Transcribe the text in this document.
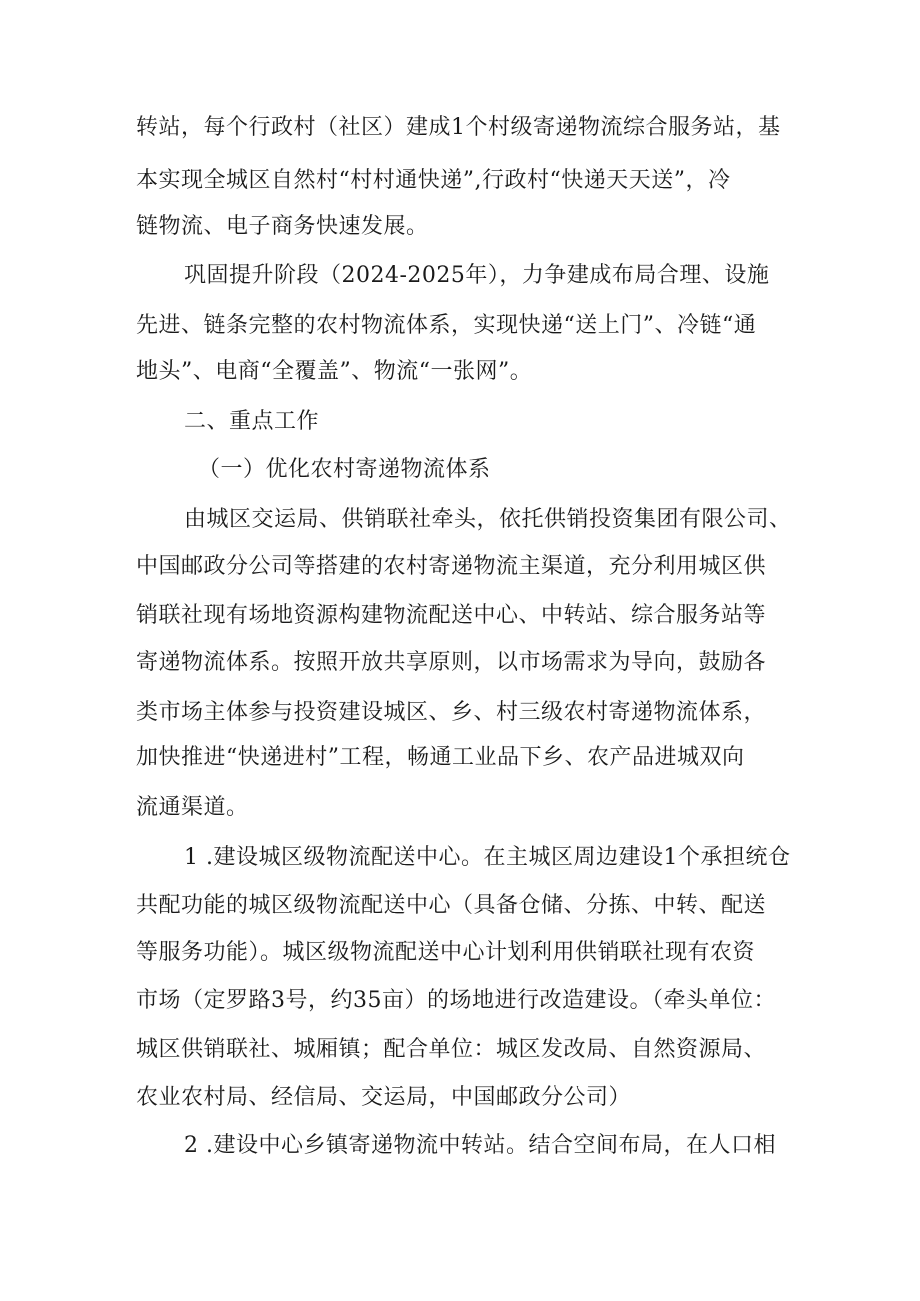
转站，每个行政村（社区）建成1个村级寄递物流综合服务站，基
本实现全城区自然村“村村通快递”,行政村“快递天天送”，冷
链物流、电子商务快速发展。
巩固提升阶段（2024-2025年），力争建成布局合理、设施
先进、链条完整的农村物流体系，实现快递“送上门”、冷链“通
地头”、电商“全覆盖”、物流“一张网”。
二、重点工作
（一）优化农村寄递物流体系
由城区交运局、供销联社牵头，依托供销投资集团有限公司、
中国邮政分公司等搭建的农村寄递物流主渠道，充分利用城区供
销联社现有场地资源构建物流配送中心、中转站、综合服务站等
寄递物流体系。按照开放共享原则，以市场需求为导向，鼓励各
类市场主体参与投资建设城区、乡、村三级农村寄递物流体系，
加快推进“快递进村”工程，畅通工业品下乡、农产品进城双向
流通渠道。
1 .建设城区级物流配送中心。在主城区周边建设1个承担统仓
共配功能的城区级物流配送中心（具备仓储、分拣、中转、配送
等服务功能）。城区级物流配送中心计划利用供销联社现有农资
市场（定罗路3号，约35亩）的场地进行改造建设。（牵头单位：
城区供销联社、城厢镇；配合单位：城区发改局、自然资源局、
农业农村局、经信局、交运局，中国邮政分公司）
2 .建设中心乡镇寄递物流中转站。结合空间布局，在人口相
